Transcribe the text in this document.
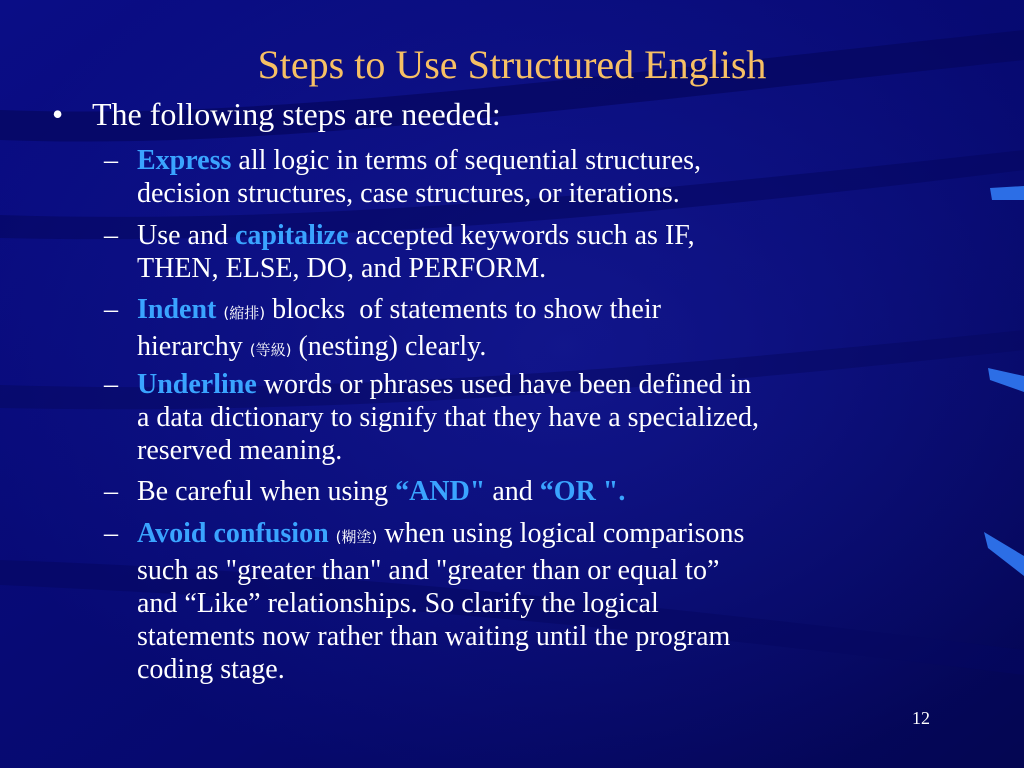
Steps to Use Structured English
• The following steps are needed:
– Express all logic in terms of sequential structures,
decision structures, case structures, or iterations.
– Use and capitalize accepted keywords such as IF,
THEN, ELSE, DO, and PERFORM.
– Indent (縮排) blocks  of statements to show their
hierarchy (等級) (nesting) clearly.
– Underline words or phrases used have been defined in
a data dictionary to signify that they have a specialized,
reserved meaning.
– Be careful when using “AND" and “OR ".
– Avoid confusion (糊塗) when using logical comparisons
such as "greater than" and "greater than or equal to”
and “Like” relationships. So clarify the logical
statements now rather than waiting until the program
coding stage.
12
